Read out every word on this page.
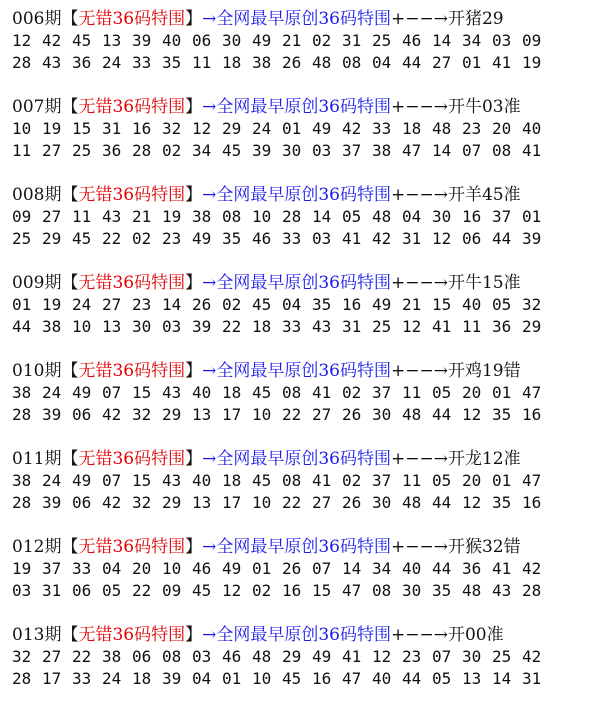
006期【无错36码特围】→全网最早原创36码特围+−−→开猪29
12 42 45 13 39 40 06 30 49 21 02 31 25 46 14 34 03 09
28 43 36 24 33 35 11 18 38 26 48 08 04 44 27 01 41 19
007期【无错36码特围】→全网最早原创36码特围+−−→开牛03准
10 19 15 31 16 32 12 29 24 01 49 42 33 18 48 23 20 40
11 27 25 36 28 02 34 45 39 30 03 37 38 47 14 07 08 41
008期【无错36码特围】→全网最早原创36码特围+−−→开羊45准
09 27 11 43 21 19 38 08 10 28 14 05 48 04 30 16 37 01
25 29 45 22 02 23 49 35 46 33 03 41 42 31 12 06 44 39
009期【无错36码特围】→全网最早原创36码特围+−−→开牛15准
01 19 24 27 23 14 26 02 45 04 35 16 49 21 15 40 05 32
44 38 10 13 30 03 39 22 18 33 43 31 25 12 41 11 36 29
010期【无错36码特围】→全网最早原创36码特围+−−→开鸡19错
38 24 49 07 15 43 40 18 45 08 41 02 37 11 05 20 01 47
28 39 06 42 32 29 13 17 10 22 27 26 30 48 44 12 35 16
011期【无错36码特围】→全网最早原创36码特围+−−→开龙12准
38 24 49 07 15 43 40 18 45 08 41 02 37 11 05 20 01 47
28 39 06 42 32 29 13 17 10 22 27 26 30 48 44 12 35 16
012期【无错36码特围】→全网最早原创36码特围+−−→开猴32错
19 37 33 04 20 10 46 49 01 26 07 14 34 40 44 36 41 42
03 31 06 05 22 09 45 12 02 16 15 47 08 30 35 48 43 28
013期【无错36码特围】→全网最早原创36码特围+−−→开00准
32 27 22 38 06 08 03 46 48 29 49 41 12 23 07 30 25 42
28 17 33 24 18 39 04 01 10 45 16 47 40 44 05 13 14 31
